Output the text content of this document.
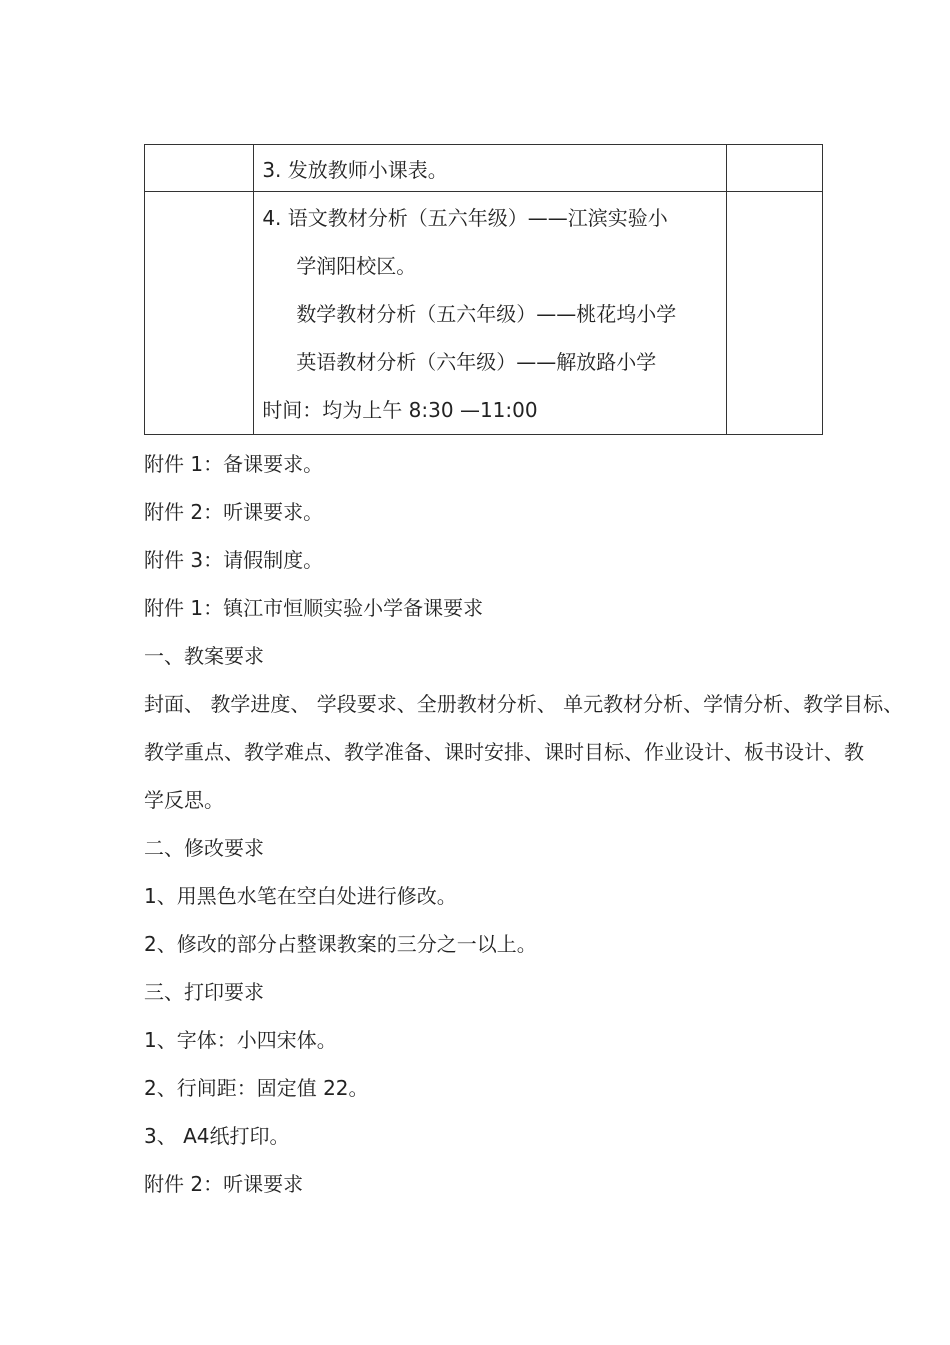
	3. 发放教师小课表。	

	4. 语文教材分析（五六年级）——江滨实验小
学润阳校区。
数学教材分析（五六年级）——桃花坞小学
英语教材分析（六年级）——解放路小学
时间：均为上午 8:30 —11:00	

附件 1：备课要求。
附件 2：听课要求。
附件 3：请假制度。
附件 1：镇江市恒顺实验小学备课要求
一、教案要求
封面、 教学进度、 学段要求、全册教材分析、 单元教材分析、学情分析、教学目标、
教学重点、教学难点、教学准备、课时安排、课时目标、作业设计、板书设计、教
学反思。
二、修改要求
1、用黑色水笔在空白处进行修改。
2、修改的部分占整课教案的三分之一以上。
三、打印要求
1、字体：小四宋体。
2、行间距：固定值 22。
3、 A4纸打印。
附件 2：听课要求
